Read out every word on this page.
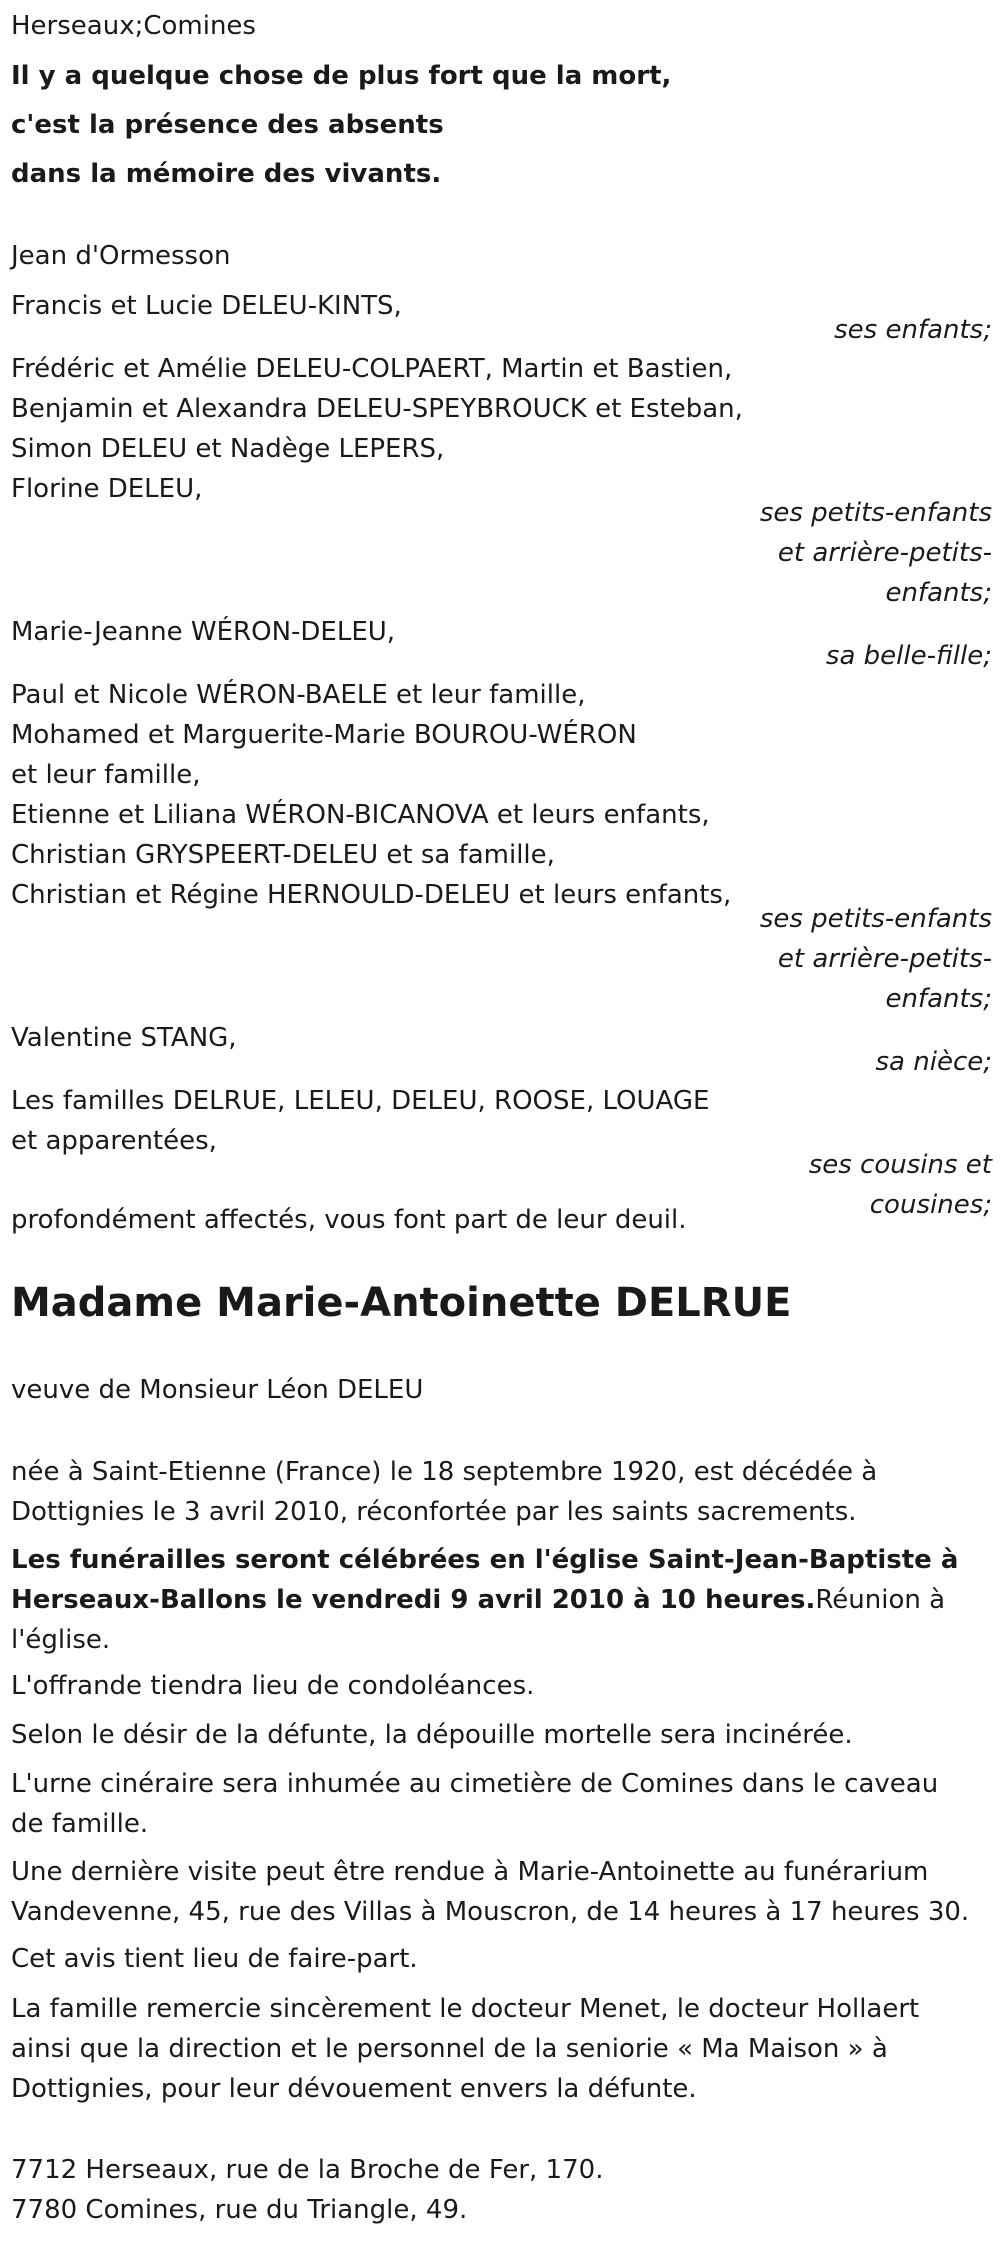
Herseaux;Comines
Il y a quelque chose de plus fort que la mort,
c'est la présence des absents
dans la mémoire des vivants.
Jean d'Ormesson
Francis et Lucie DELEU-KINTS,
ses enfants;
Frédéric et Amélie DELEU-COLPAERT, Martin et Bastien,
Benjamin et Alexandra DELEU-SPEYBROUCK et Esteban,
Simon DELEU et Nadège LEPERS,
Florine DELEU,
ses petits-enfants
et arrière-petits-
enfants;
Marie-Jeanne WÉRON-DELEU,
sa belle-fille;
Paul et Nicole WÉRON-BAELE et leur famille,
Mohamed et Marguerite-Marie BOUROU-WÉRON
et leur famille,
Etienne et Liliana WÉRON-BICANOVA et leurs enfants,
Christian GRYSPEERT-DELEU et sa famille,
Christian et Régine HERNOULD-DELEU et leurs enfants,
ses petits-enfants
et arrière-petits-
enfants;
Valentine STANG,
sa nièce;
Les familles DELRUE, LELEU, DELEU, ROOSE, LOUAGE
et apparentées,
ses cousins et
cousines;
profondément affectés, vous font part de leur deuil.
Madame Marie-Antoinette DELRUE
veuve de Monsieur Léon DELEU
née à Saint-Etienne (France) le 18 septembre 1920, est décédée à Dottignies le 3 avril 2010, réconfortée par les saints sacrements.
Les funérailles seront célébrées en l'église Saint-Jean-Baptiste à Herseaux-Ballons le vendredi 9 avril 2010 à 10 heures.Réunion à l'église.
L'offrande tiendra lieu de condoléances.
Selon le désir de la défunte, la dépouille mortelle sera incinérée.
L'urne cinéraire sera inhumée au cimetière de Comines dans le caveau de famille.
Une dernière visite peut être rendue à Marie-Antoinette au funérarium Vandevenne, 45, rue des Villas à Mouscron, de 14 heures à 17 heures 30.
Cet avis tient lieu de faire-part.
La famille remercie sincèrement le docteur Menet, le docteur Hollaert ainsi que la direction et le personnel de la seniorie « Ma Maison » à Dottignies, pour leur dévouement envers la défunte.
7712 Herseaux, rue de la Broche de Fer, 170.
7780 Comines, rue du Triangle, 49.
